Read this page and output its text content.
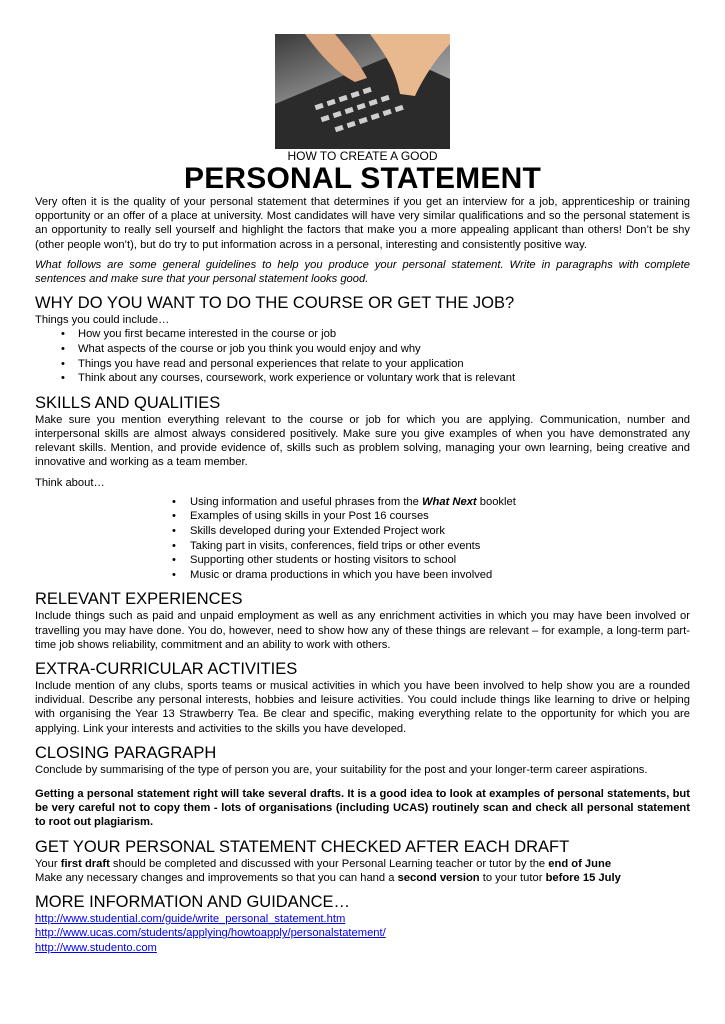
HOW TO CREATE A GOOD
PERSONAL STATEMENT

Very often it is the quality of your personal statement that determines if you get an interview for a job, apprenticeship or training opportunity or an offer of a place at university. Most candidates will have very similar qualifications and so the personal statement is an opportunity to really sell yourself and highlight the factors that make you a more appealing applicant than others! Don’t be shy (other people won’t), but do try to put information across in a personal, interesting and consistently positive way.

What follows are some general guidelines to help you produce your personal statement. Write in paragraphs with complete sentences and make sure that your personal statement looks good.

WHY DO YOU WANT TO DO THE COURSE OR GET THE JOB?

Things you could include…

• How you first became interested in the course or job
• What aspects of the course or job you think you would enjoy and why
• Things you have read and personal experiences that relate to your application
• Think about any courses, coursework, work experience or voluntary work that is relevant
SKILLS AND QUALITIES

Make sure you mention everything relevant to the course or job for which you are applying. Communication, number and interpersonal skills are almost always considered positively. Make sure you give examples of when you have demonstrated any relevant skills. Mention, and provide evidence of, skills such as problem solving, managing your own learning, being creative and innovative and working as a team member.

Think about…

• Using information and useful phrases from the What Next booklet
• Examples of using skills in your Post 16 courses
• Skills developed during your Extended Project work
• Taking part in visits, conferences, field trips or other events
• Supporting other students or hosting visitors to school
• Music or drama productions in which you have been involved
RELEVANT EXPERIENCES

Include things such as paid and unpaid employment as well as any enrichment activities in which you may have been involved or travelling you may have done. You do, however, need to show how any of these things are relevant – for example, a long-term part-time job shows reliability, commitment and an ability to work with others.

EXTRA-CURRICULAR ACTIVITIES

Include mention of any clubs, sports teams or musical activities in which you have been involved to help show you are a rounded individual. Describe any personal interests, hobbies and leisure activities. You could include things like learning to drive or helping with organising the Year 13 Strawberry Tea. Be clear and specific, making everything relate to the opportunity for which you are applying. Link your interests and activities to the skills you have developed.

CLOSING PARAGRAPH

Conclude by summarising of the type of person you are, your suitability for the post and your longer-term career aspirations.

Getting a personal statement right will take several drafts. It is a good idea to look at examples of personal statements, but be very careful not to copy them - lots of organisations (including UCAS) routinely scan and check all personal statement to root out plagiarism.

GET YOUR PERSONAL STATEMENT CHECKED AFTER EACH DRAFT

Your first draft should be completed and discussed with your Personal Learning teacher or tutor by the end of June

Make any necessary changes and improvements so that you can hand a second version to your tutor before 15 July

MORE INFORMATION AND GUIDANCE…
http://www.studential.com/guide/write_personal_statement.htm
http://www.ucas.com/students/applying/howtoapply/personalstatement/
http://www.studento.com
